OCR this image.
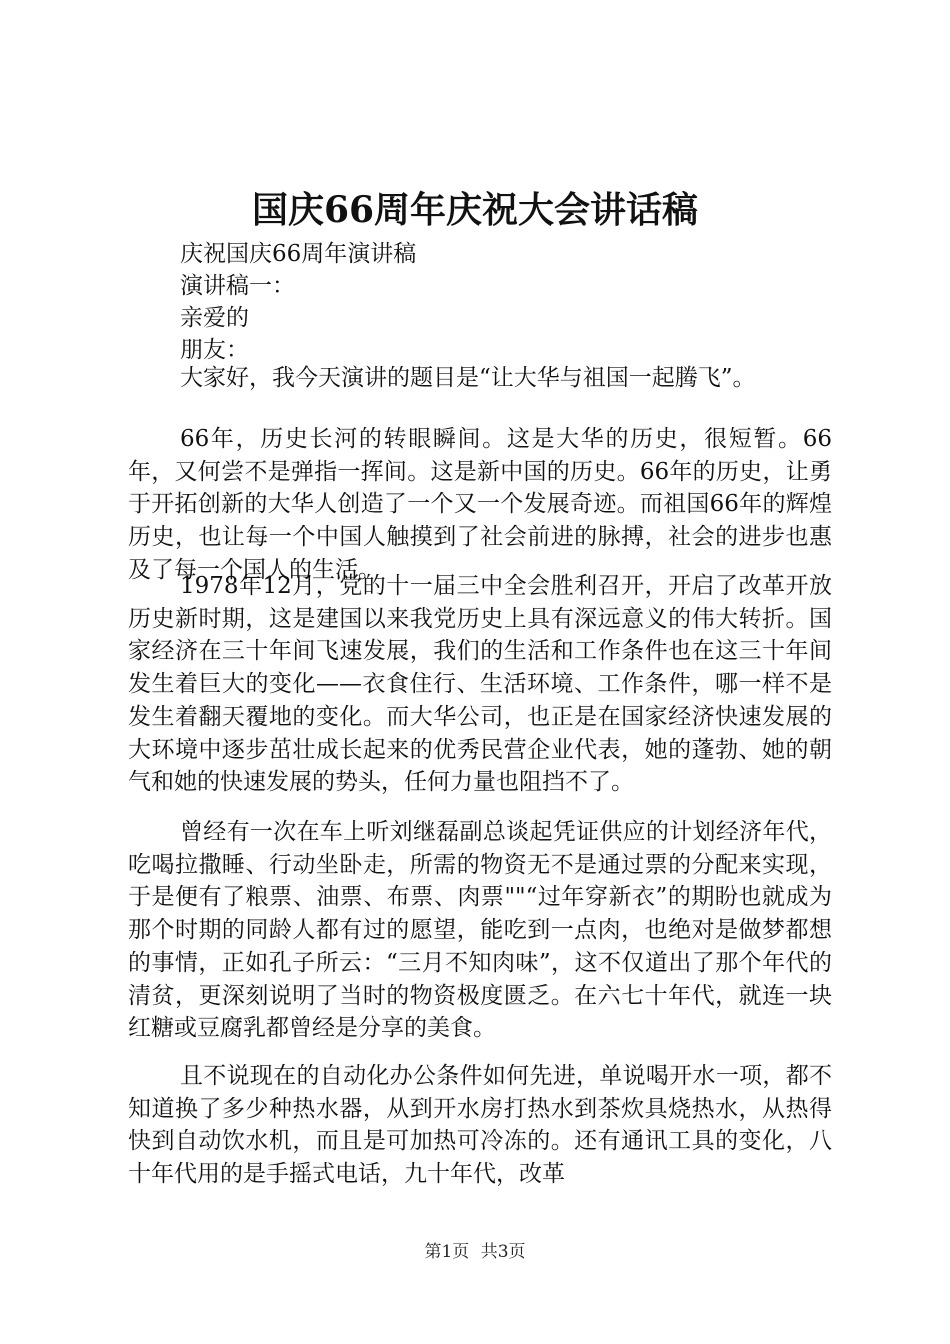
国庆66周年庆祝大会讲话稿
庆祝国庆66周年演讲稿
演讲稿一：
亲爱的
朋友：
大家好，我今天演讲的题目是“让大华与祖国一起腾飞”。

66年，历史长河的转眼瞬间。这是大华的历史，很短暂。66年，又何尝不是弹指一挥间。这是新中国的历史。66年的历史，让勇于开拓创新的大华人创造了一个又一个发展奇迹。而祖国66年的辉煌历史，也让每一个中国人触摸到了社会前进的脉搏，社会的进步也惠及了每一个国人的生活。

1978年12月，党的十一届三中全会胜利召开，开启了改革开放历史新时期，这是建国以来我党历史上具有深远意义的伟大转折。国家经济在三十年间飞速发展，我们的生活和工作条件也在这三十年间发生着巨大的变化——衣食住行、生活环境、工作条件，哪一样不是发生着翻天覆地的变化。而大华公司，也正是在国家经济快速发展的大环境中逐步茁壮成长起来的优秀民营企业代表，她的蓬勃、她的朝气和她的快速发展的势头，任何力量也阻挡不了。

曾经有一次在车上听刘继磊副总谈起凭证供应的计划经济年代，吃喝拉撒睡、行动坐卧走，所需的物资无不是通过票的分配来实现，于是便有了粮票、油票、布票、肉票""“过年穿新衣”的期盼也就成为那个时期的同龄人都有过的愿望，能吃到一点肉，也绝对是做梦都想的事情，正如孔子所云：“三月不知肉味”，这不仅道出了那个年代的清贫，更深刻说明了当时的物资极度匮乏。在六七十年代，就连一块红糖或豆腐乳都曾经是分享的美食。

且不说现在的自动化办公条件如何先进，单说喝开水一项，都不知道换了多少种热水器，从到开水房打热水到茶炊具烧热水，从热得快到自动饮水机，而且是可加热可冷冻的。还有通讯工具的变化，八十年代用的是手摇式电话，九十年代，改革

第1页 共3页
